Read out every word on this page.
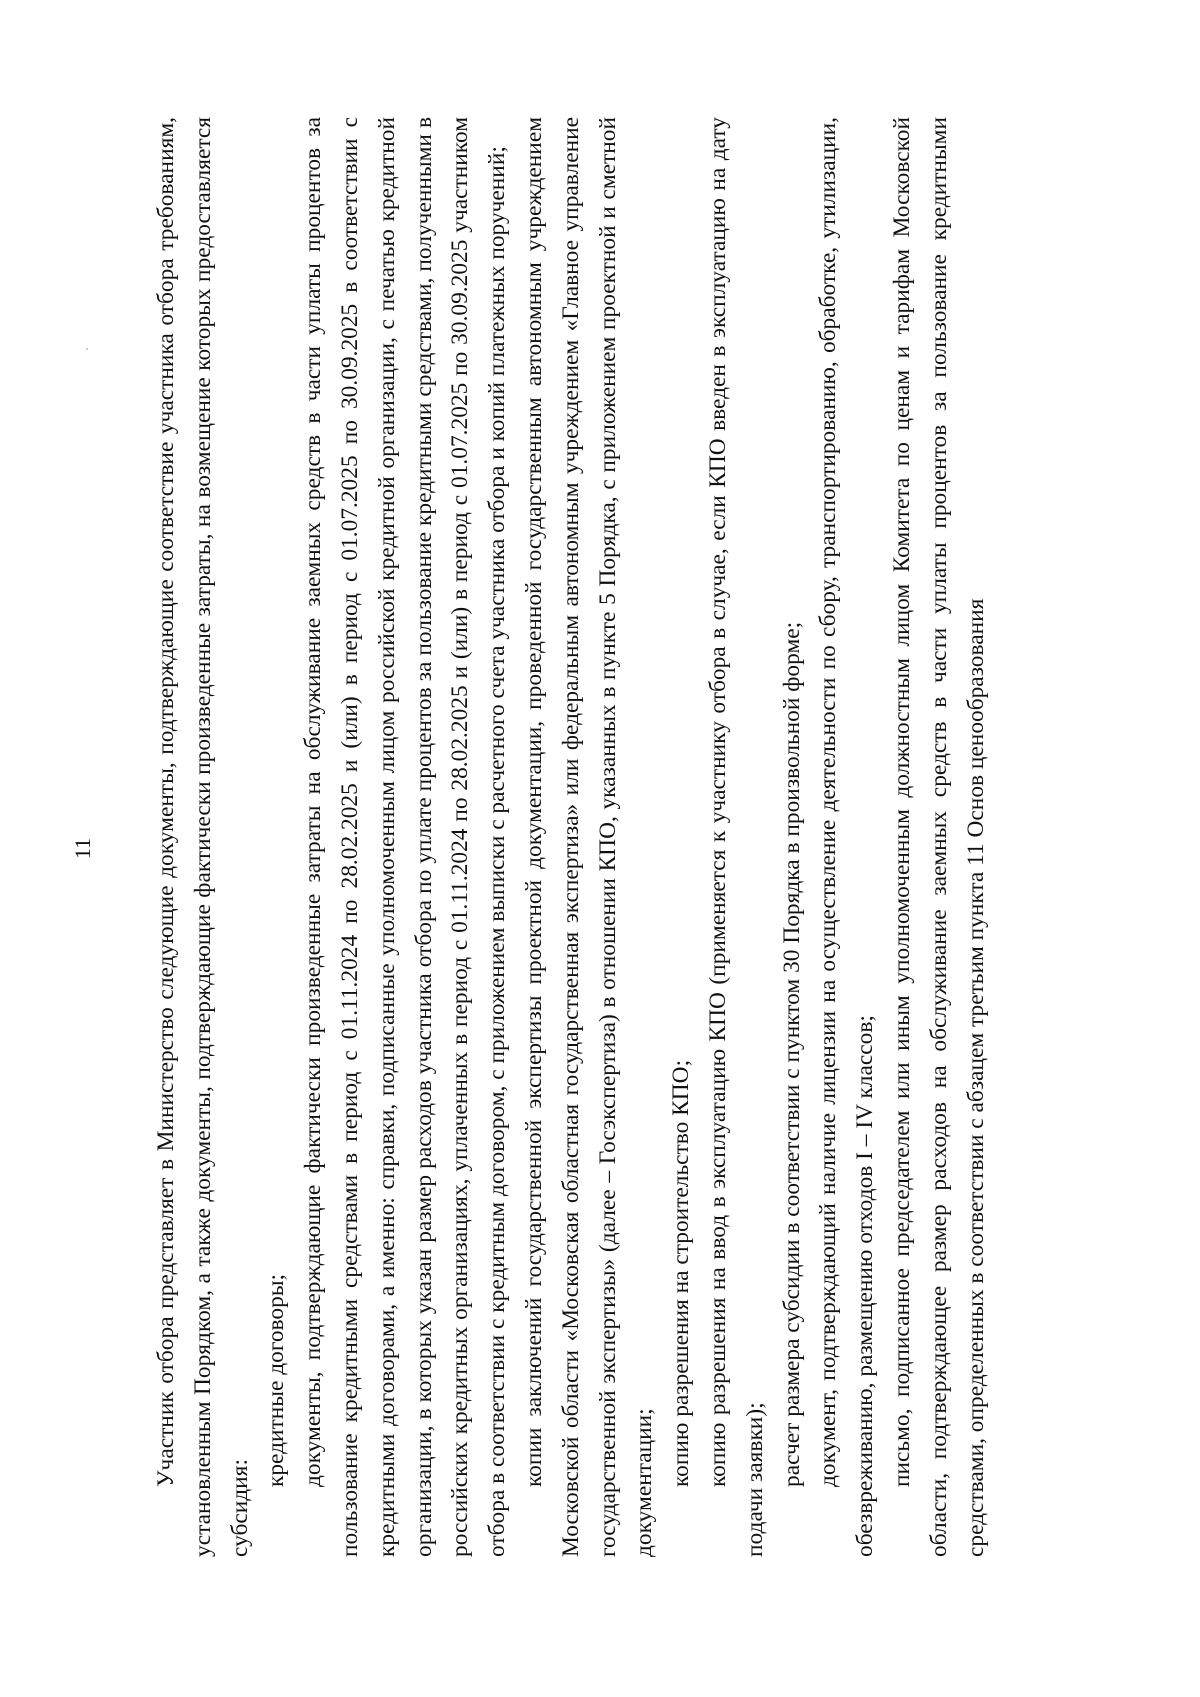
11 Участник отбора представляет в Министерство следующие документы, подтверждающие соответствие участника отбора требованиям, установленным Порядком, а также документы, подтверждающие фактически произведенные затраты, на возмещение которых предоставляется субсидия:

кредитные договоры; документы, подтверждающие фактически произведенные затраты на обслуживание заемных средств в части уплаты процентов за пользование кредитными средствами в период с 01.11.2024 по 28.02.2025 и (или) в период с 01.07.2025 по 30.09.2025 в соответствии с кредитными договорами, а именно: справки, подписанные уполномоченным лицом российской кредитной организации, с печатью кредитной организации, в которых указан размер расходов участника отбора по уплате процентов за пользование кредитными средствами, полученными в российских кредитных организациях, уплаченных в период с 01.11.2024 по 28.02.2025 и (или) в период с 01.07.2025 по 30.09.2025 участником отбора в соответствии с кредитным договором, с приложением выписки с расчетного счета участника отбора и копий платежных поручений; копии заключений государственной экспертизы проектной документации, проведенной государственным автономным учреждением Московской области «Московская областная государственная экспертиза» или федеральным автономным учреждением «Главное управление государственной экспертизы» (далее – Госэкспертиза) в отношении КПО, указанных в пункте 5 Порядка, с приложением проектной и сметной документации; копию разрешения на строительство КПО; копию разрешения на ввод в эксплуатацию КПО (применяется к участнику отбора в случае, если КПО введен в эксплуатацию на дату подачи заявки); расчет размера субсидии в соответствии с пунктом 30 Порядка в произвольной форме; документ, подтверждающий наличие лицензии на осуществление деятельности по сбору, транспортированию, обработке, утилизации, обезвреживанию, размещению отходов I – IV классов; письмо, подписанное председателем или иным уполномоченным должностным лицом Комитета по ценам и тарифам Московской области, подтверждающее размер расходов на обслуживание заемных средств в части уплаты процентов за пользование кредитными средствами, определенных в соответствии с абзацем третьим пункта 11 Основ ценообразования
